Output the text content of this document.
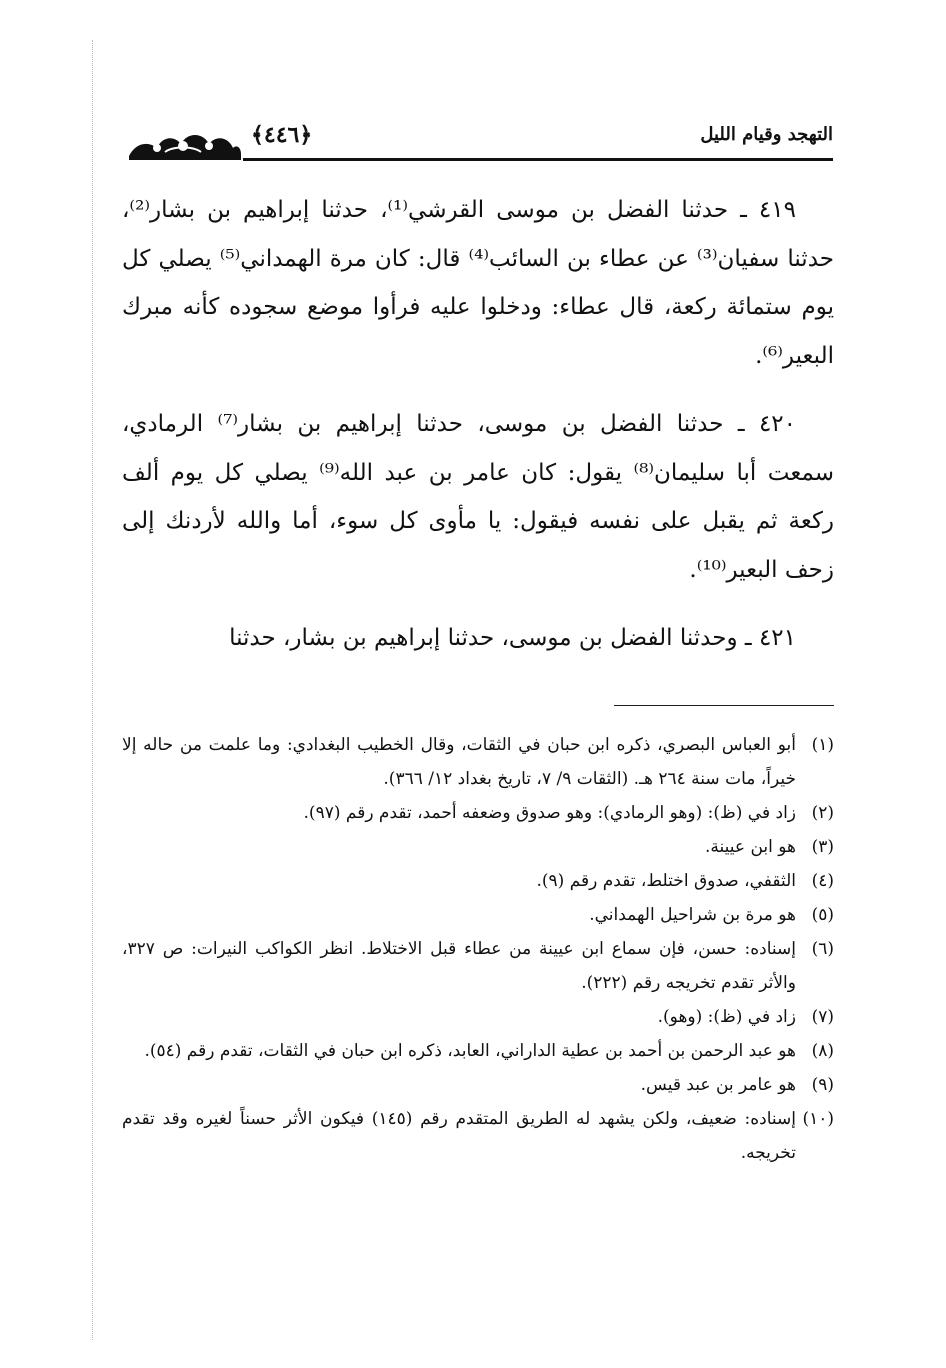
﴿٤٤٦﴾	التهجد وقيام الليل

٤١٩ ـ حدثنا الفضل بن موسى القرشي⁽¹⁾، حدثنا إبراهيم بن بشار⁽²⁾، حدثنا سفيان⁽³⁾ عن عطاء بن السائب⁽⁴⁾ قال: كان مرة الهمداني⁽⁵⁾ يصلي كل يوم ستمائة ركعة، قال عطاء: ودخلوا عليه فرأوا موضع سجوده كأنه مبرك البعير⁽⁶⁾.

٤٢٠ ـ حدثنا الفضل بن موسى، حدثنا إبراهيم بن بشار⁽⁷⁾ الرمادي، سمعت أبا سليمان⁽⁸⁾ يقول: كان عامر بن عبد الله⁽⁹⁾ يصلي كل يوم ألف ركعة ثم يقبل على نفسه فيقول: يا مأوى كل سوء، أما والله لأردنك إلى زحف البعير⁽¹⁰⁾.

٤٢١ ـ وحدثنا الفضل بن موسى، حدثنا إبراهيم بن بشار، حدثنا

(١)
أبو العباس البصري، ذكره ابن حبان في الثقات، وقال الخطيب البغدادي: وما علمت من حاله إلا خيراً، مات سنة ٢٦٤ هـ. (الثقات ٩/ ٧، تاريخ بغداد ١٢/ ٣٦٦).
(٢)
زاد في (ظ): (وهو الرمادي): وهو صدوق وضعفه أحمد، تقدم رقم (٩٧).
(٣)
هو ابن عيينة.
(٤)
الثقفي، صدوق اختلط، تقدم رقم (٩).
(٥)
هو مرة بن شراحيل الهمداني.
(٦)
إسناده: حسن، فإن سماع ابن عيينة من عطاء قبل الاختلاط. انظر الكواكب النيرات: ص ٣٢٧، والأثر تقدم تخريجه رقم (٢٢٢).
(٧)
زاد في (ظ): (وهو).
(٨)
هو عبد الرحمن بن أحمد بن عطية الداراني، العابد، ذكره ابن حبان في الثقات، تقدم رقم (٥٤).
(٩)
هو عامر بن عبد قيس.
(١٠)
إسناده: ضعيف، ولكن يشهد له الطريق المتقدم رقم (١٤٥) فيكون الأثر حسناً لغيره وقد تقدم تخريجه.
